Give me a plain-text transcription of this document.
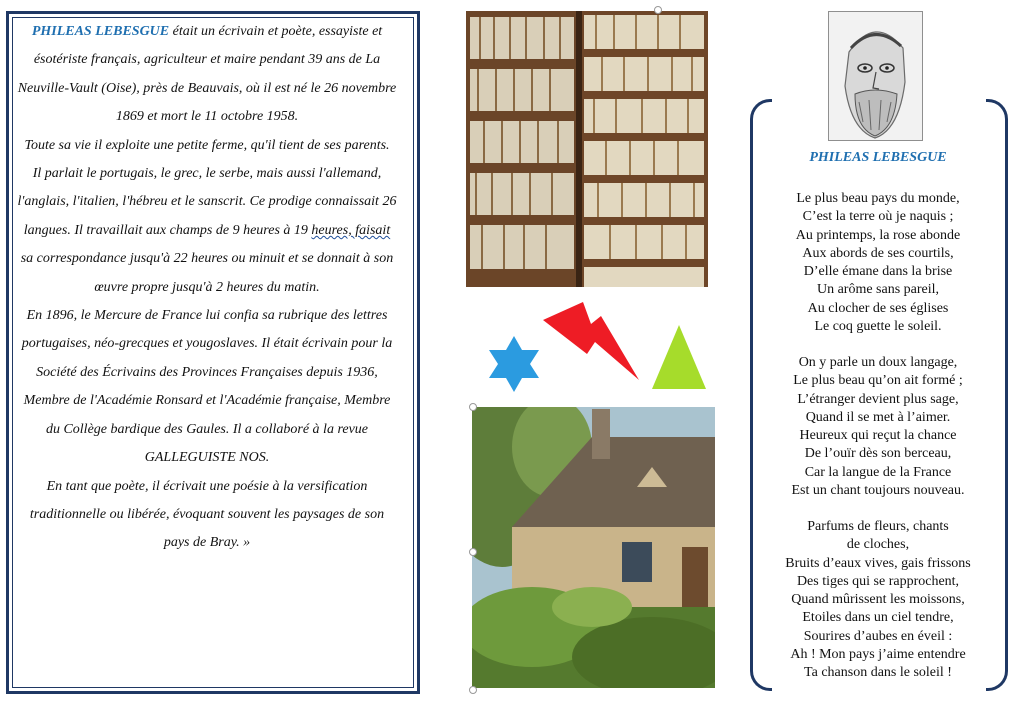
PHILEAS LEBESGUE était un écrivain et poète, essayiste et ésotériste français, agriculteur et maire pendant 39 ans de La Neuville-Vault (Oise), près de Beauvais, où il est né le 26 novembre 1869 et mort le 11 octobre 1958.

Toute sa vie il exploite une petite ferme, qu'il tient de ses parents.

Il parlait le portugais, le grec, le serbe, mais aussi l'allemand, l'anglais, l'italien, l'hébreu et le sanscrit. Ce prodige connaissait 26 langues. Il travaillait aux champs de 9 heures à 19 heures, faisait sa correspondance jusqu'à 22 heures ou minuit et se donnait à son œuvre propre jusqu'à 2 heures du matin.

En 1896, le Mercure de France lui confia sa rubrique des lettres portugaises, néo-grecques et yougoslaves. Il était écrivain pour la Société des Écrivains des Provinces Françaises depuis 1936, Membre de l'Académie Ronsard et l'Académie française, Membre du Collège bardique des Gaules. Il a collaboré à la revue GALLEGUISTE NOS.

En tant que poète, il écrivait une poésie à la versification traditionnelle ou libérée, évoquant souvent les paysages de son pays de Bray. »

PHILEAS LEBESGUE
Le plus beau pays du monde,
C’est la terre où je naquis ;
Au printemps, la rose abonde
Aux abords de ses courtils,
D’elle émane dans la brise
Un arôme sans pareil,
Au clocher de ses églises
Le coq guette le soleil.
On y parle un doux langage,
Le plus beau qu’on ait formé ;
L’étranger devient plus sage,
Quand il se met à l’aimer.
Heureux qui reçut la chance
De l’ouïr dès son berceau,
Car la langue de la France
Est un chant toujours nouveau.
Parfums de fleurs, chants de cloches,
Bruits d’eaux vives, gais frissons
Des tiges qui se rapprochent,
Quand mûrissent les moissons,
Etoiles dans un ciel tendre,
Sourires d’aubes en éveil :
Ah ! Mon pays j’aime entendre
Ta chanson dans le soleil !
